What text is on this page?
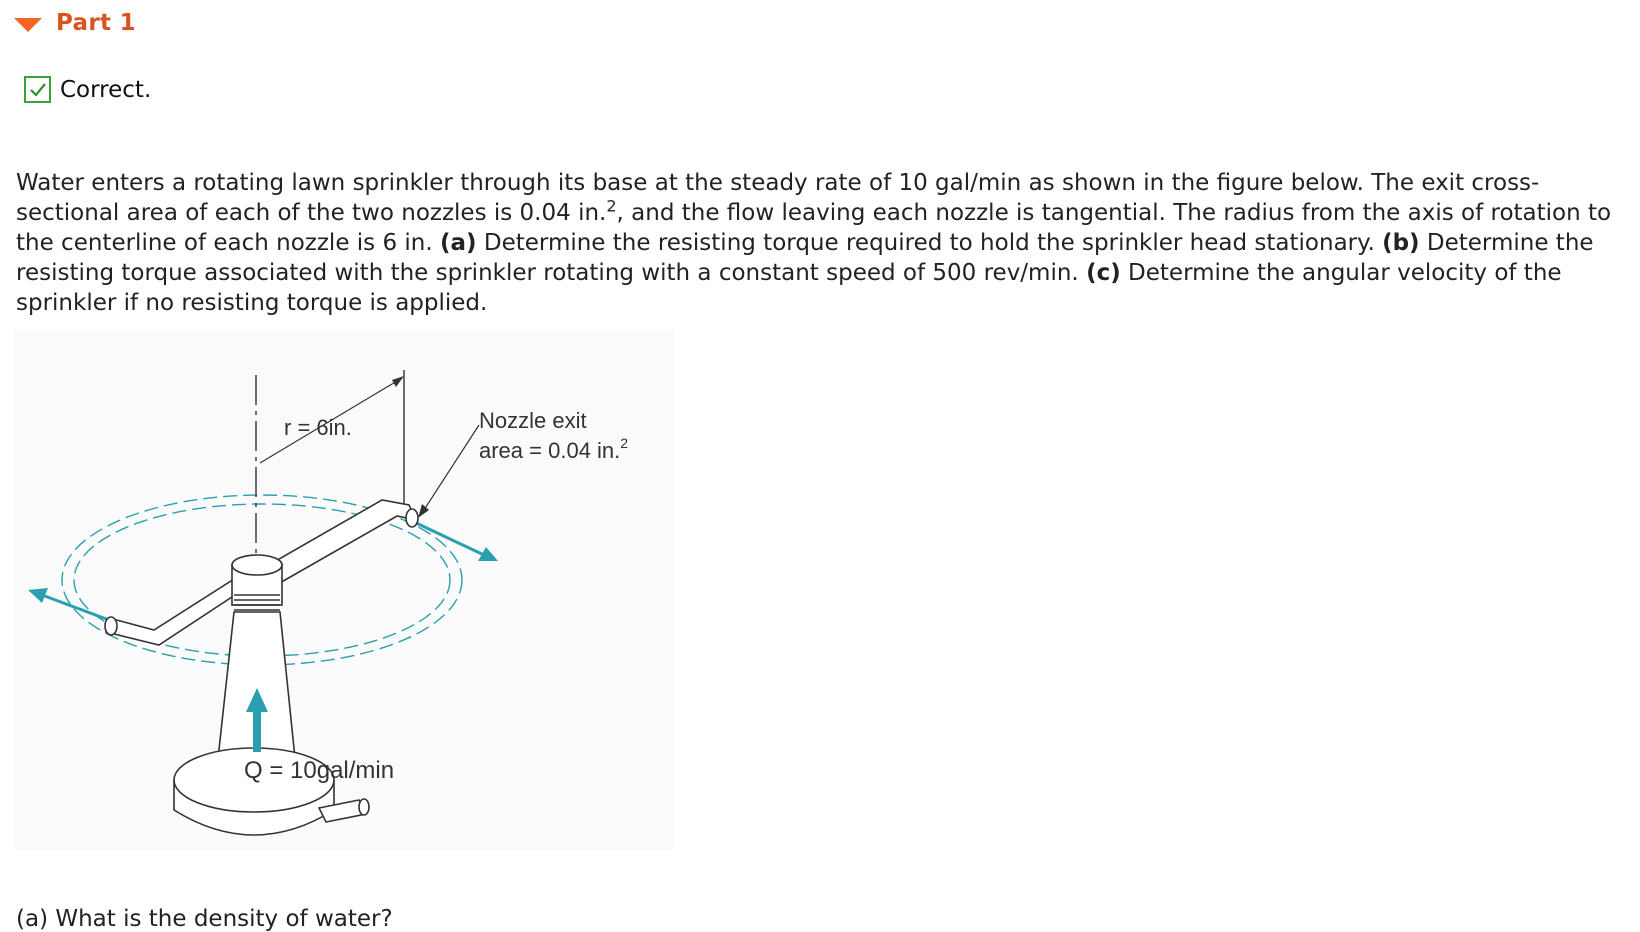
Part 1
Correct.

Water enters a rotating lawn sprinkler through its base at the steady rate of 10 gal/min as shown in the figure below. The exit cross-sectional area of each of the two nozzles is 0.04 in.$^2$, and the flow leaving each nozzle is tangential. The radius from the axis of rotation to the centerline of each nozzle is 6 in. (a) Determine the resisting torque required to hold the sprinkler head stationary. (b) Determine the resisting torque associated with the sprinkler rotating with a constant speed of 500 rev/min. (c) Determine the angular velocity of the sprinkler if no resisting torque is applied.

r = 6in.	Nozzle exit
area = 0.04 in.$^2$
Q = 10gal/min
(a) What is the density of water?
